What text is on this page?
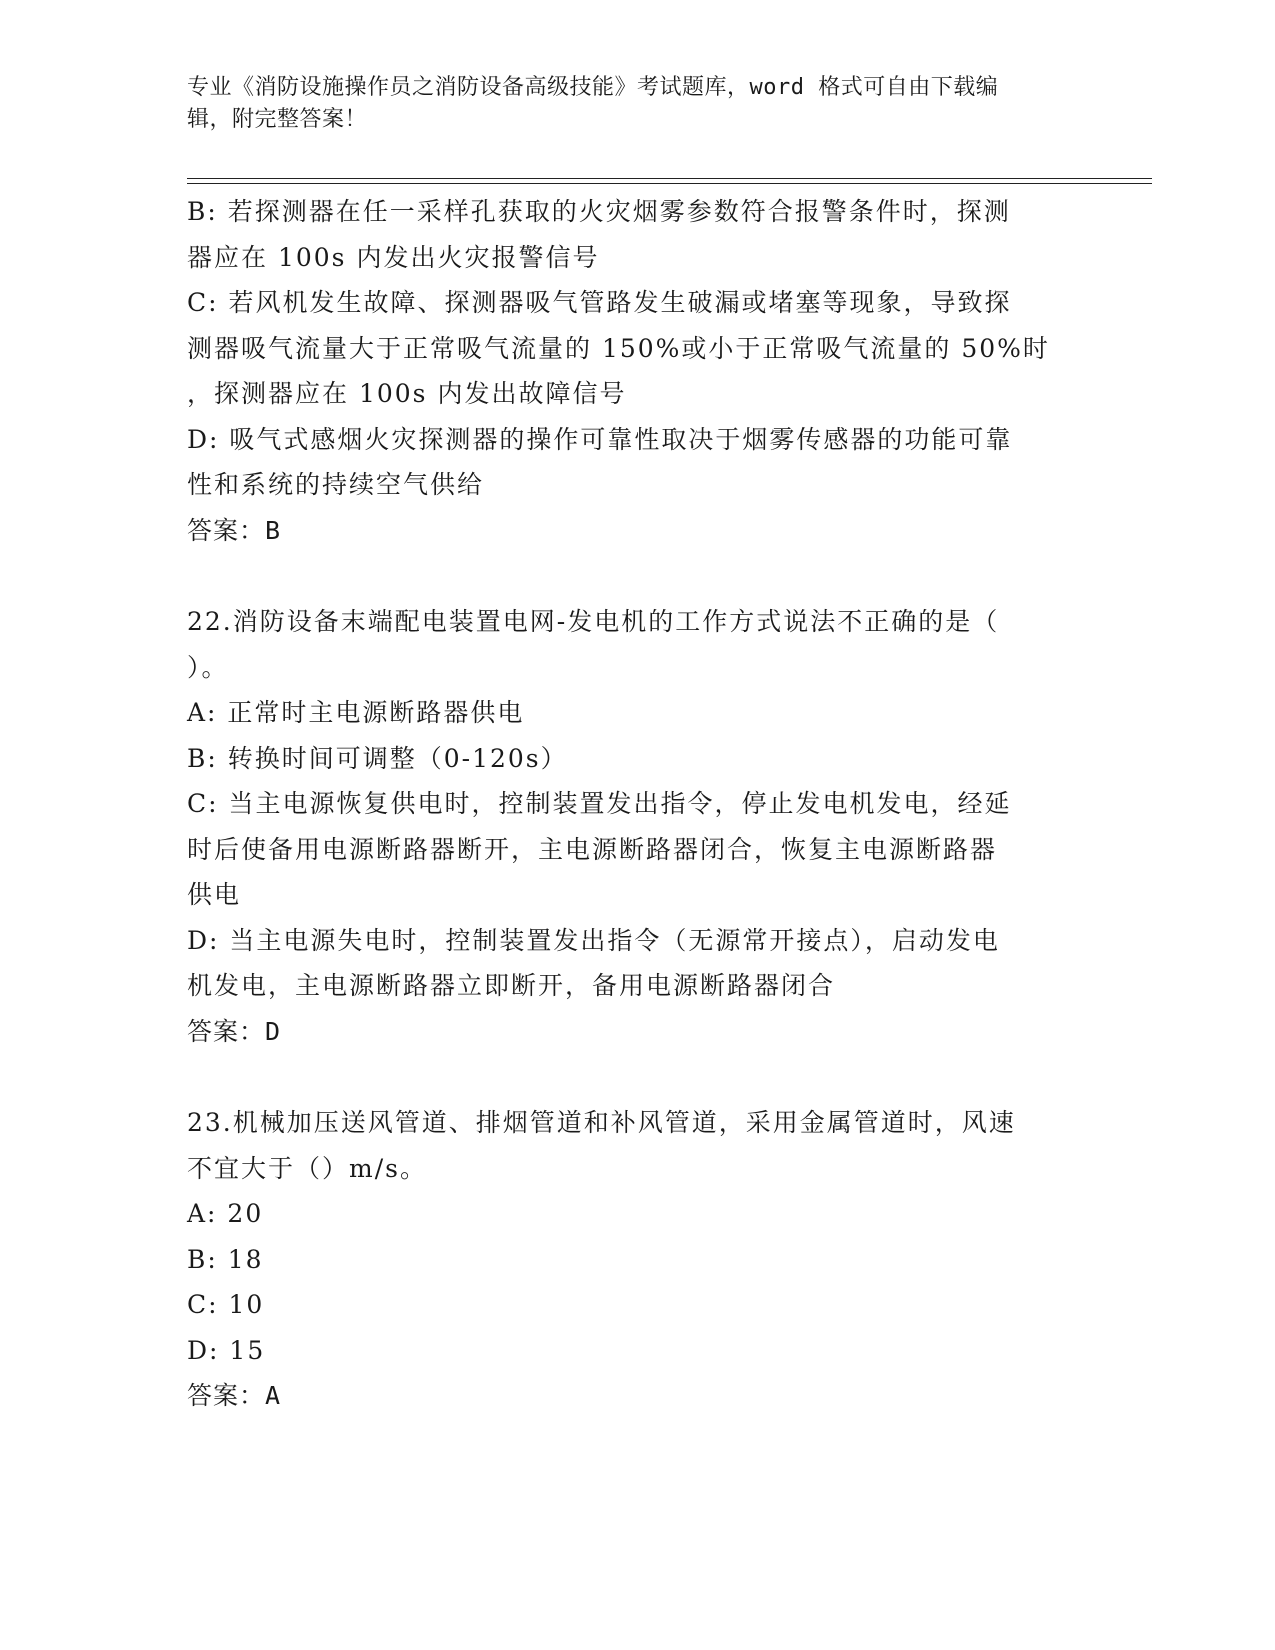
专业《消防设施操作员之消防设备高级技能》考试题库，word 格式可自由下载编
辑，附完整答案！
B: 若探测器在任一采样孔获取的火灾烟雾参数符合报警条件时，探测
器应在 100s 内发出火灾报警信号
C: 若风机发生故障、探测器吸气管路发生破漏或堵塞等现象，导致探
测器吸气流量大于正常吸气流量的 150%或小于正常吸气流量的 50%时
，探测器应在 100s 内发出故障信号
D: 吸气式感烟火灾探测器的操作可靠性取决于烟雾传感器的功能可靠
性和系统的持续空气供给
答案：B
22.消防设备末端配电装置电网-发电机的工作方式说法不正确的是（
）。
A: 正常时主电源断路器供电
B: 转换时间可调整（0-120s）
C: 当主电源恢复供电时，控制装置发出指令，停止发电机发电，经延
时后使备用电源断路器断开，主电源断路器闭合，恢复主电源断路器
供电
D: 当主电源失电时，控制装置发出指令（无源常开接点），启动发电
机发电，主电源断路器立即断开，备用电源断路器闭合
答案：D
23.机械加压送风管道、排烟管道和补风管道，采用金属管道时，风速
不宜大于（）m/s。
A: 20
B: 18
C: 10
D: 15
答案：A
